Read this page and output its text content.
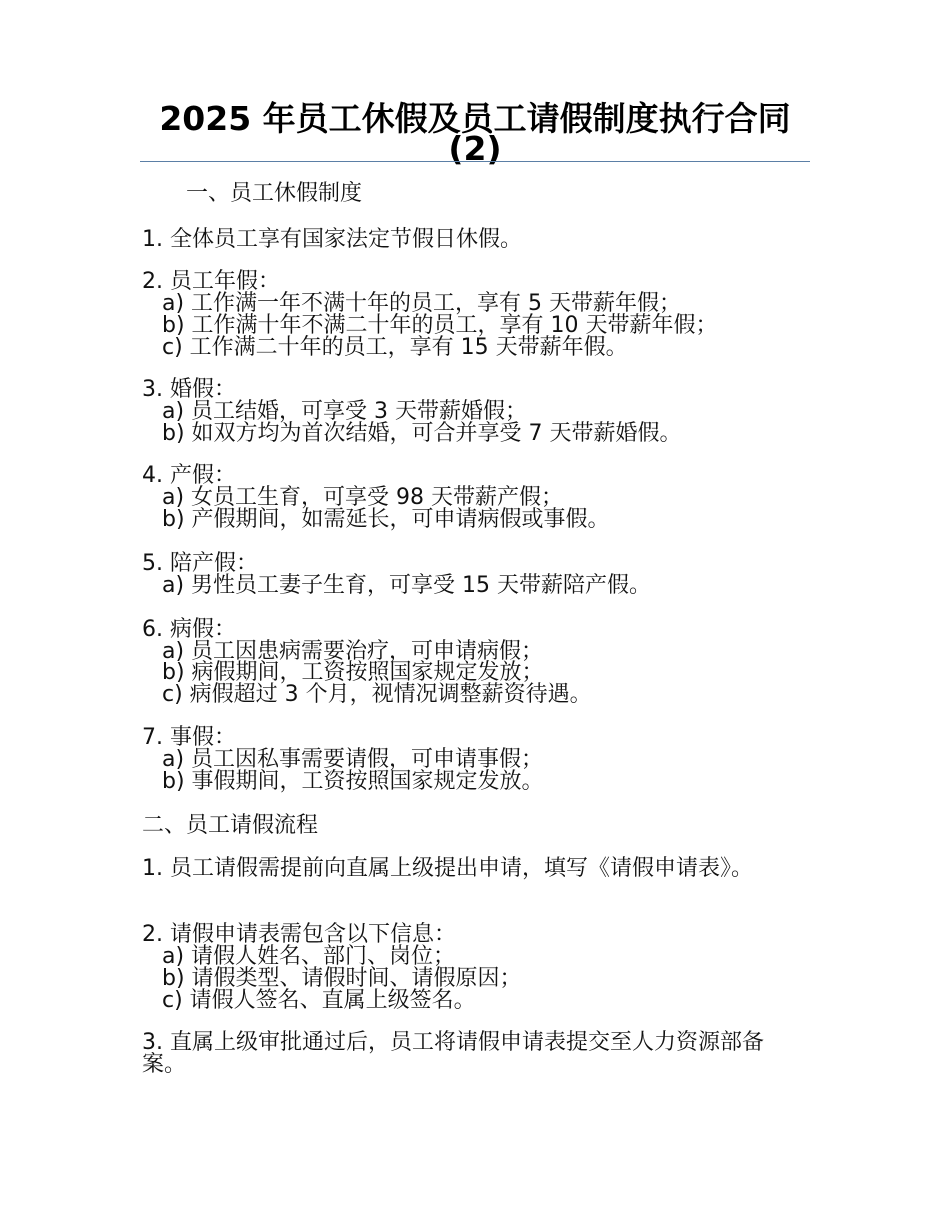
2025 年员工休假及员工请假制度执行合同(2)
一、员工休假制度
1. 全体员工享有国家法定节假日休假。
2. 员工年假：
a) 工作满一年不满十年的员工，享有 5 天带薪年假；
b) 工作满十年不满二十年的员工，享有 10 天带薪年假；
c) 工作满二十年的员工，享有 15 天带薪年假。
3. 婚假：
a) 员工结婚，可享受 3 天带薪婚假；
b) 如双方均为首次结婚，可合并享受 7 天带薪婚假。
4. 产假：
a) 女员工生育，可享受 98 天带薪产假；
b) 产假期间，如需延长，可申请病假或事假。
5. 陪产假：
a) 男性员工妻子生育，可享受 15 天带薪陪产假。
6. 病假：
a) 员工因患病需要治疗，可申请病假；
b) 病假期间，工资按照国家规定发放；
c) 病假超过 3 个月，视情况调整薪资待遇。
7. 事假：
a) 员工因私事需要请假，可申请事假；
b) 事假期间，工资按照国家规定发放。
二、员工请假流程
1. 员工请假需提前向直属上级提出申请，填写《请假申请表》。
2. 请假申请表需包含以下信息：
a) 请假人姓名、部门、岗位；
b) 请假类型、请假时间、请假原因；
c) 请假人签名、直属上级签名。
3. 直属上级审批通过后，员工将请假申请表提交至人力资源部备案。
